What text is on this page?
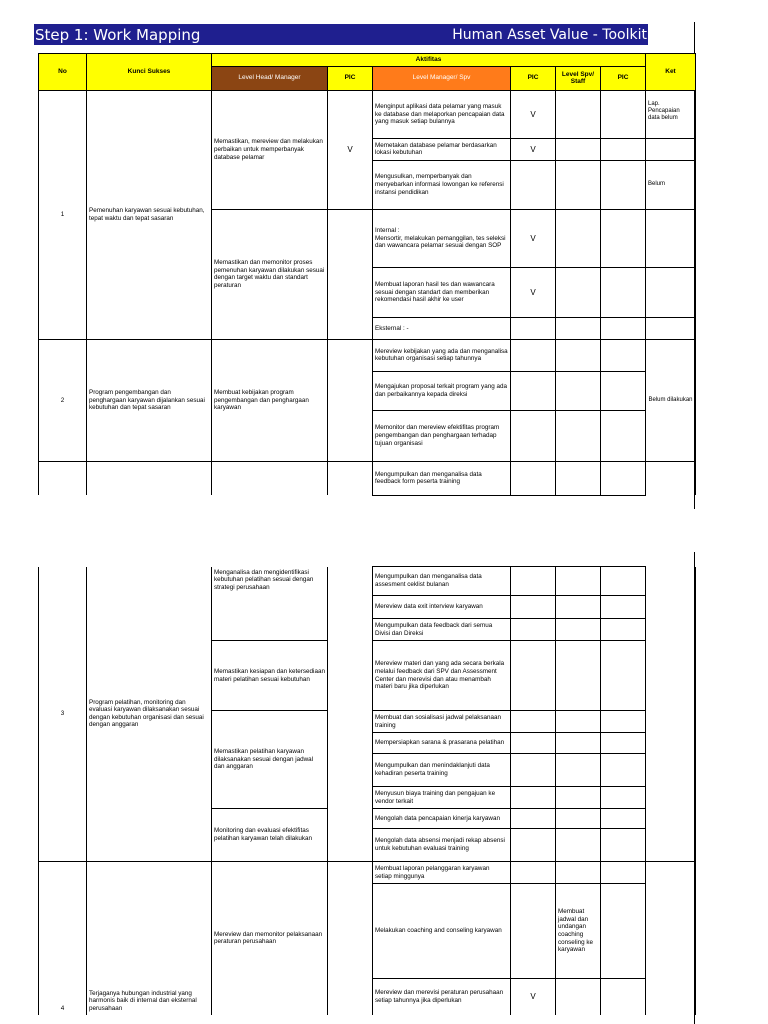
Step 1: Work Mapping	Human Asset Value - Toolkit
No	Kunci Sukses	Aktifitas						Ket
		Level Head/ Manager	PIC	Level Manager/ Spv	PIC	Level Spv/ Staff	PIC	
1	Pemenuhan karyawan sesuai kebutuhan, tepat waktu dan tepat sasaran	Memastikan, mereview dan melakukan perbaikan untuk memperbanyak database pelamar	V	Menginput aplikasi data pelamar yang masuk ke database dan melaporkan pencapaian data yang masuk setiap bulannya	V			Lap. Pencapaian data belum
				Memetakan database pelamar berdasarkan lokasi kebutuhan	V			
				Mengusulkan, memperbanyak dan menyebarkan informasi lowongan ke referensi instansi pendidikan				Belum
		Memastikan dan memonitor proses pemenuhan karyawan dilakukan sesuai dengan target waktu dan standart peraturan		Internal :
Mensortir, melakukan pemanggilan, tes seleksi dan wawancara pelamar sesuai dengan SOP	V			
				Membuat laporan hasil tes dan wawancara sesuai dengan standart dan memberikan rekomendasi hasil akhir ke user	V			
				Eksternal : -				
2	Program pengembangan dan penghargaan karyawan dijalankan sesuai kebutuhan dan tepat sasaran	Membuat kebijakan program pengembangan dan penghargaan karyawan		Mereview kebijakan yang ada dan menganalisa kebutuhan organisasi setiap tahunnya				Belum dilakukan
				Mengajukan proposal terkait program yang ada dan perbaikannya kepada direksi				
				Memonitor dan mereview efektifitas program pengembangan dan penghargaan terhadap tujuan organisasi				
				Mengumpulkan dan menganalisa data feedback form peserta training				
3	Program pelatihan, monitoring dan evaluasi karyawan dilaksanakan sesuai dengan kebutuhan organisasi dan sesuai dengan anggaran	Menganalisa dan mengidentifikasi kebutuhan pelatihan sesuai dengan strategi perusahaan		Mengumpulkan dan menganalisa data assesment ceklist bulanan				
				Mereview data exit interview karyawan				
				Mengumpulkan data feedback dari semua Divisi dan Direksi				
		Memastikan kesiapan dan ketersediaan materi pelatihan sesuai kebutuhan		Mereview materi dan yang ada secara berkala melalui feedback dari SPV dan Assessment Center dan merevisi dan atau menambah materi baru jika diperlukan				
		Memastikan pelatihan karyawan dilaksanakan sesuai dengan jadwal dan anggaran		Membuat dan sosialisasi jadwal pelaksanaan training				
				Mempersiapkan sarana & prasarana pelatihan				
				Mengumpulkan dan menindaklanjuti data kehadiran peserta training				
				Menyusun biaya training dan pengajuan ke vendor terkait				
		Monitoring dan evaluasi efektifitas pelatihan karyawan telah dilakukan		Mengolah data pencapaian kinerja karyawan				
				Mengolah data absensi menjadi rekap absensi untuk kebutuhan evaluasi training				
4	Terjaganya hubungan industrial yang harmonis baik di internal dan eksternal perusahaan	Mereview dan memonitor pelaksanaan peraturan perusahaan		Membuat laporan pelanggaran karyawan setiap minggunya				
				Melakukan coaching and conseling karyawan		Membuat jadwal dan undangan coaching conseling ke karyawan		
				Mereview dan merevisi peraturan perusahaan setiap tahunnya jika diperlukan	V			
